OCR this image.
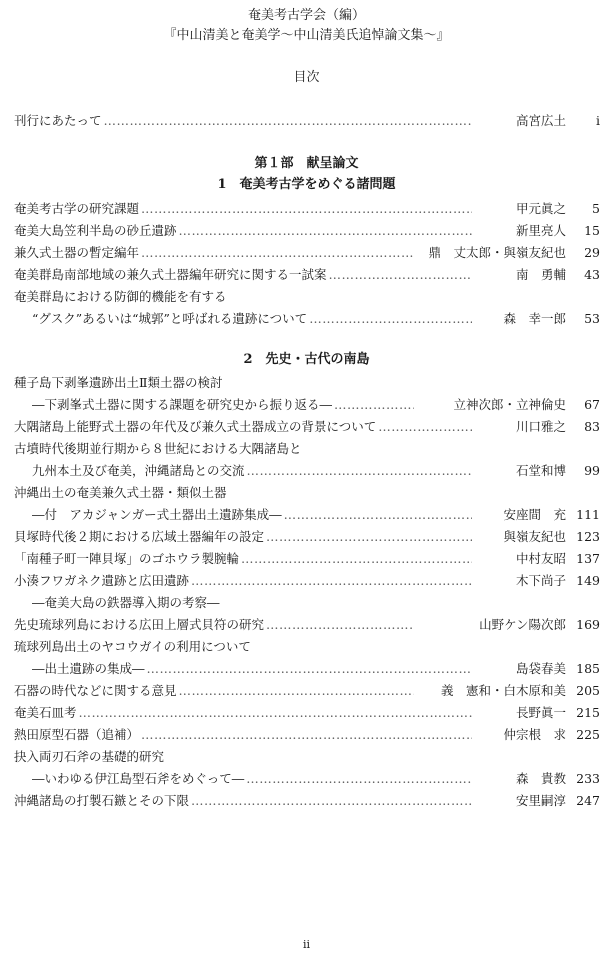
奄美考古学会（編）
『中山清美と奄美学〜中山清美氏追悼論文集〜』
目次
刊行にあたって ……………………………………………………………………………………………………………………………………………………………………………………	高宮広土	i
第１部　献呈論文
1　奄美考古学をめぐる諸問題
奄美考古学の研究課題 ……………………………………………………………………………………………………………………………………………………………………………………	甲元眞之	5
奄美大島笠利半島の砂丘遺跡 ……………………………………………………………………………………………………………………………………………………………………………………	新里亮人	15
兼久式土器の暫定編年 ……………………………………………………………………………………………………………………………………………………………………………………	鼎　丈太郎・與嶺友紀也	29
奄美群島南部地域の兼久式土器編年研究に関する一試案 ……………………………………………………………………………………………………………………………………………………………………………………	南　勇輔	43
奄美群島における防御的機能を有する
“グスク”あるいは“城郭”と呼ばれる遺跡について ……………………………………………………………………………………………………………………………………………………………………………………	森　幸一郎	53
2　先史・古代の南島
種子島下剥峯遺跡出土Ⅱ類土器の検討
―下剥峯式土器に関する課題を研究史から振り返る― ……………………………………………………………………………………………………………………………………………………………………………………	立神次郎・立神倫史	67
大隅諸島上能野式土器の年代及び兼久式土器成立の背景について ……………………………………………………………………………………………………………………………………………………………………………………	川口雅之	83
古墳時代後期並行期から８世紀における大隅諸島と
九州本土及び奄美，沖縄諸島との交流 ……………………………………………………………………………………………………………………………………………………………………………………	石堂和博	99
沖縄出土の奄美兼久式土器・類似土器
―付　アカジャンガー式土器出土遺跡集成― ……………………………………………………………………………………………………………………………………………………………………………………	安座間　充 111
貝塚時代後２期における広域土器編年の設定 ……………………………………………………………………………………………………………………………………………………………………………………	與嶺友紀也 123
「南種子町一陣貝塚」のゴホウラ製腕輪 ……………………………………………………………………………………………………………………………………………………………………………………	中村友昭 137
小湊フワガネク遺跡と広田遺跡 ……………………………………………………………………………………………………………………………………………………………………………………	木下尚子 149
―奄美大島の鉄器導入期の考察―
先史琉球列島における広田上層式貝符の研究 ……………………………………………………………………………………………………………………………………………………………………………………	山野ケン陽次郎 169
琉球列島出土のヤコウガイの利用について
―出土遺跡の集成― ……………………………………………………………………………………………………………………………………………………………………………………	島袋春美 185
石器の時代などに関する意見 ……………………………………………………………………………………………………………………………………………………………………………………	義　憲和・白木原和美 205
奄美石皿考 ……………………………………………………………………………………………………………………………………………………………………………………	長野眞一 215
熱田原型石器（追補） ……………………………………………………………………………………………………………………………………………………………………………………	仲宗根　求 225
抉入両刃石斧の基礎的研究
―いわゆる伊江島型石斧をめぐって― ……………………………………………………………………………………………………………………………………………………………………………………	森　貴教 233
沖縄諸島の打製石鏃とその下限 ……………………………………………………………………………………………………………………………………………………………………………………	安里嗣淳 247
ii
